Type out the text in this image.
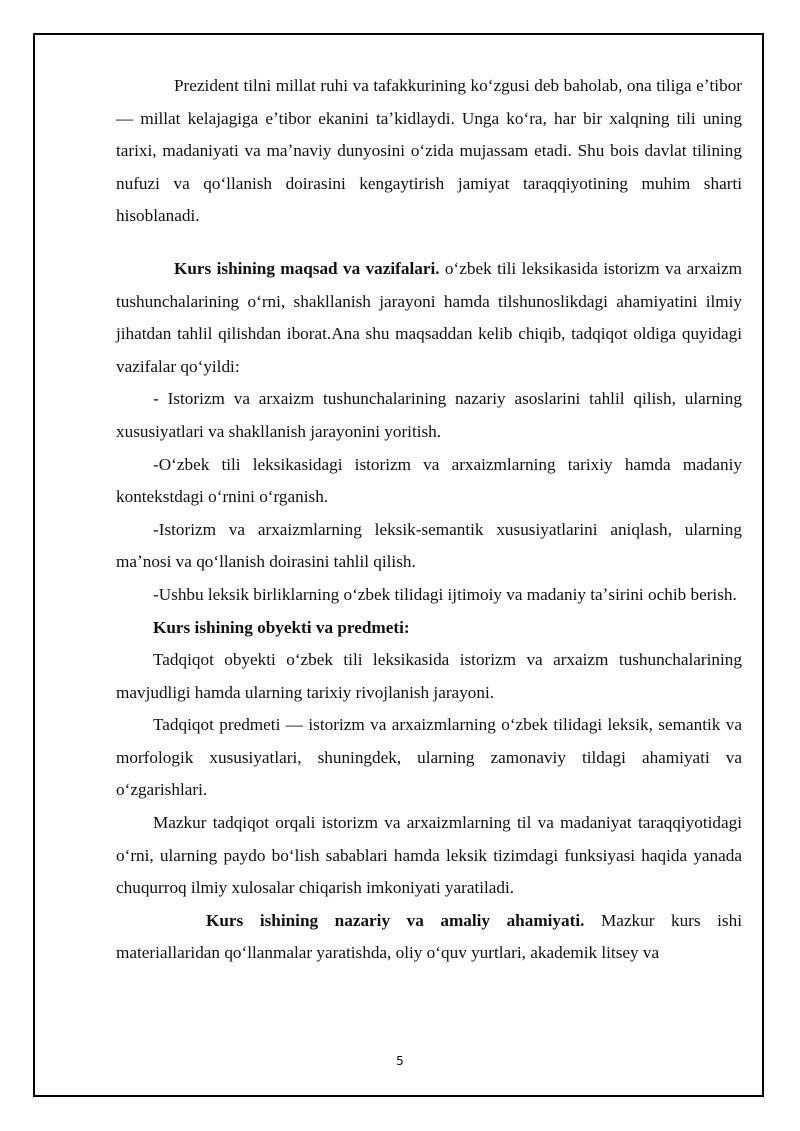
Prezident tilni millat ruhi va tafakkurining koʻzgusi deb baholab, ona tiliga eʼtibor — millat kelajagiga eʼtibor ekanini taʼkidlaydi. Unga koʻra, har bir xalqning tili uning tarixi, madaniyati va maʼnaviy dunyosini oʻzida mujassam etadi. Shu bois davlat tilining nufuzi va qoʻllanish doirasini kengaytirish jamiyat taraqqiyotining muhim sharti hisoblanadi.

Kurs ishining maqsad va vazifalari. oʻzbek tili leksikasida istorizm va arxaizm tushunchalarining oʻrni, shakllanish jarayoni hamda tilshunoslikdagi ahamiyatini ilmiy jihatdan tahlil qilishdan iborat.Ana shu maqsaddan kelib chiqib, tadqiqot oldiga quyidagi vazifalar qoʻyildi:

- Istorizm va arxaizm tushunchalarining nazariy asoslarini tahlil qilish, ularning xususiyatlari va shakllanish jarayonini yoritish.

-Oʻzbek tili leksikasidagi istorizm va arxaizmlarning tarixiy hamda madaniy kontekstdagi oʻrnini oʻrganish.

-Istorizm va arxaizmlarning leksik-semantik xususiyatlarini aniqlash, ularning maʼnosi va qoʻllanish doirasini tahlil qilish.

-Ushbu leksik birliklarning oʻzbek tilidagi ijtimoiy va madaniy taʼsirini ochib berish.

Kurs ishining obyekti va predmeti:

Tadqiqot obyekti oʻzbek tili leksikasida istorizm va arxaizm tushunchalarining mavjudligi hamda ularning tarixiy rivojlanish jarayoni.

Tadqiqot predmeti — istorizm va arxaizmlarning oʻzbek tilidagi leksik, semantik va morfologik xususiyatlari, shuningdek, ularning zamonaviy tildagi ahamiyati va oʻzgarishlari.

Mazkur tadqiqot orqali istorizm va arxaizmlarning til va madaniyat taraqqiyotidagi oʻrni, ularning paydo boʻlish sabablari hamda leksik tizimdagi funksiyasi haqida yanada chuqurroq ilmiy xulosalar chiqarish imkoniyati yaratiladi.

Kurs ishining nazariy va amaliy ahamiyati. Mazkur kurs ishi materiallaridan qoʻllanmalar yaratishda, oliy oʻquv yurtlari, akademik litsey va

5
